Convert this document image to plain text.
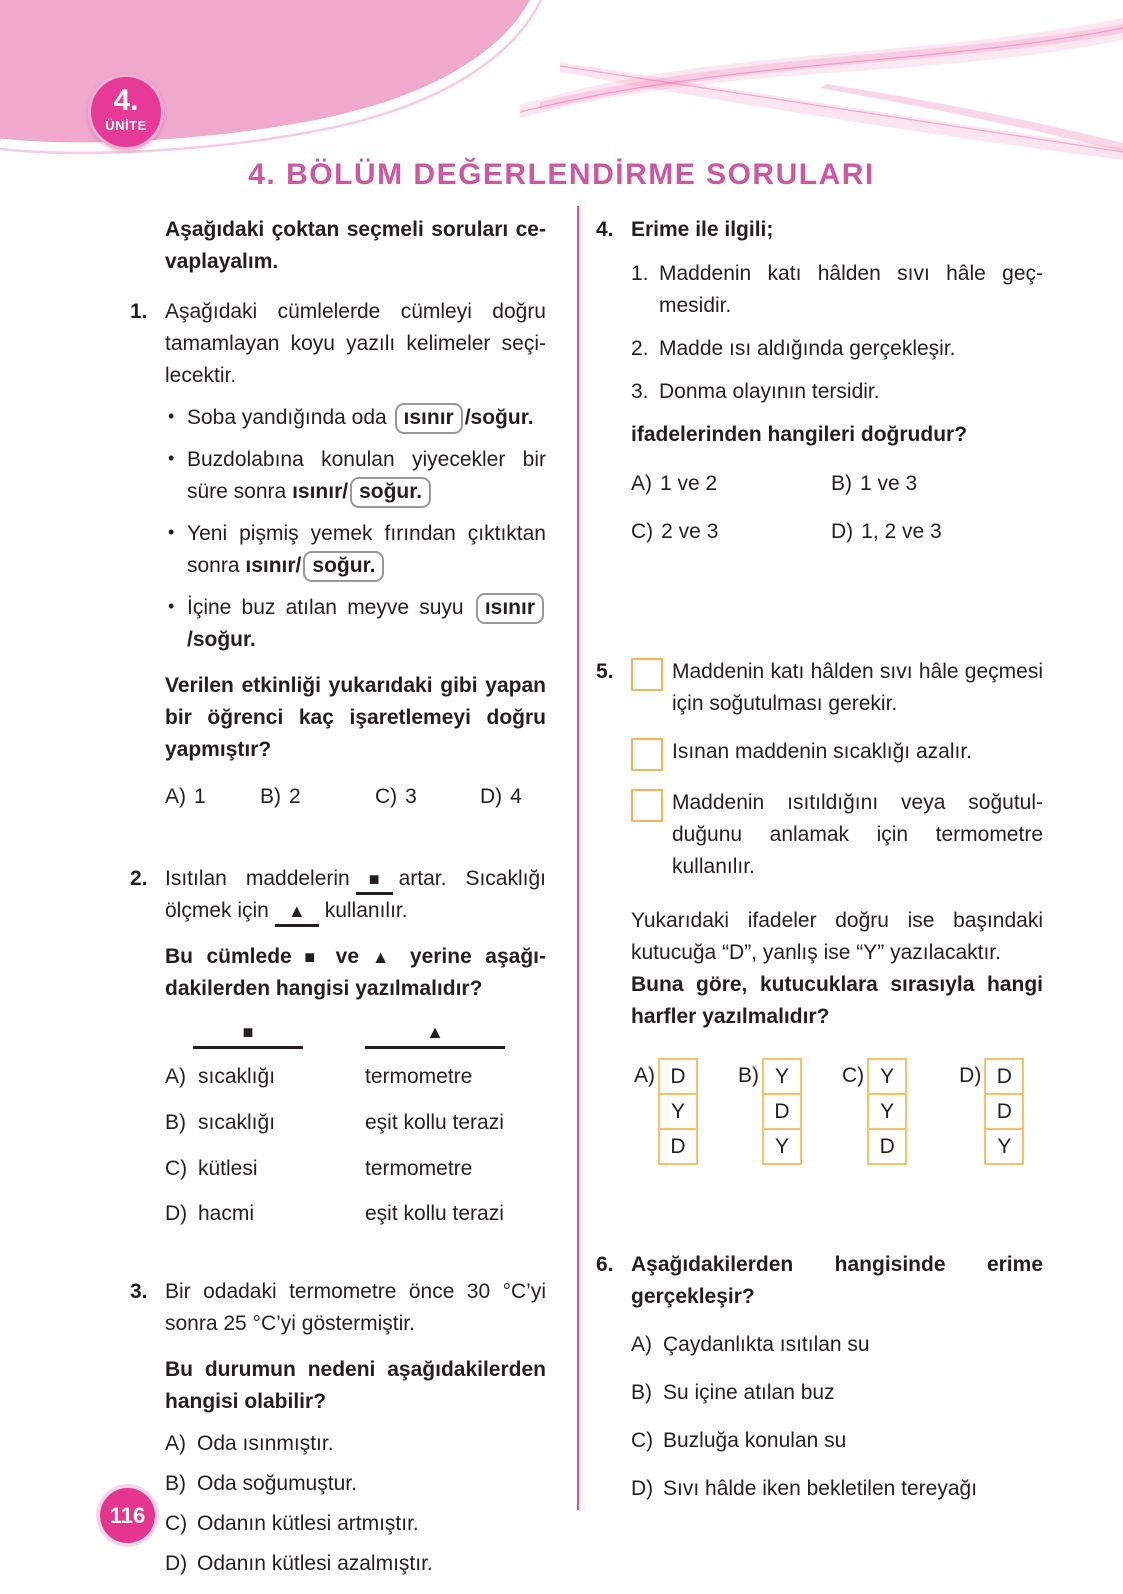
4.
ÜNİTE
4. BÖLÜM DEĞERLENDİRME SORULARI

Aşağıdaki çoktan seçmeli soruları cevaplayalım.

1. Aşağıdaki cümlelerde cümleyi doğru tamamlayan koyu yazılı kelimeler seçilecektir.

• Soba yandığında oda ısınır /soğur.
• Buzdolabına konulan yiyecekler bir süre sonra ısınır/ soğur.
• Yeni pişmiş yemek fırından çıktıktan sonra ısınır/ soğur.
• İçine buz atılan meyve suyu ısınır /soğur.

Verilen etkinliği yukarıdaki gibi yapan bir öğrenci kaç işaretlemeyi doğru yapmıştır?

A) 1	B) 2	C) 3	D) 4
2. Isıtılan maddelerin ■ artar. Sıcaklığı ölçmek için ▲ kullanılır.

Bu cümlede ■ ve ▲ yerine aşağıdakilerden hangisi yazılmalıdır?

■	▲
A) sıcaklığı	termometre
B) sıcaklığı	eşit kollu terazi
C) kütlesi	termometre
D) hacmi	eşit kollu terazi
3. Bir odadaki termometre önce 30 °C’yi sonra 25 °C’yi göstermiştir.

Bu durumun nedeni aşağıdakilerden hangisi olabilir?

A) Oda ısınmıştır.
B) Oda soğumuştur.
C) Odanın kütlesi artmıştır.
D) Odanın kütlesi azalmıştır.
4. Erime ile ilgili;

1. Maddenin katı hâlden sıvı hâle geçmesidir.
2. Madde ısı aldığında gerçekleşir.
3. Donma olayının tersidir.

ifadelerinden hangileri doğrudur?

A) 1 ve 2	B) 1 ve 3
C) 2 ve 3	D) 1, 2 ve 3
5.	Maddenin katı hâlden sıvı hâle geçmesi için soğutulması gerekir.

Isınan maddenin sıcaklığı azalır.

Maddenin ısıtıldığını veya soğutulduğunu anlamak için termometre kullanılır.

Yukarıdaki ifadeler doğru ise başındaki kutucuğa “D”, yanlış ise “Y” yazılacaktır.

Buna göre, kutucuklara sırasıyla hangi harfler yazılmalıdır?

A) D
Y
D
B) Y
D
Y
C) Y
Y
D
D) D
D
Y
6. Aşağıdakilerden hangisinde erime gerçekleşir?

A) Çaydanlıkta ısıtılan su
B) Su içine atılan buz
C) Buzluğa konulan su
D) Sıvı hâlde iken bekletilen tereyağı
116
